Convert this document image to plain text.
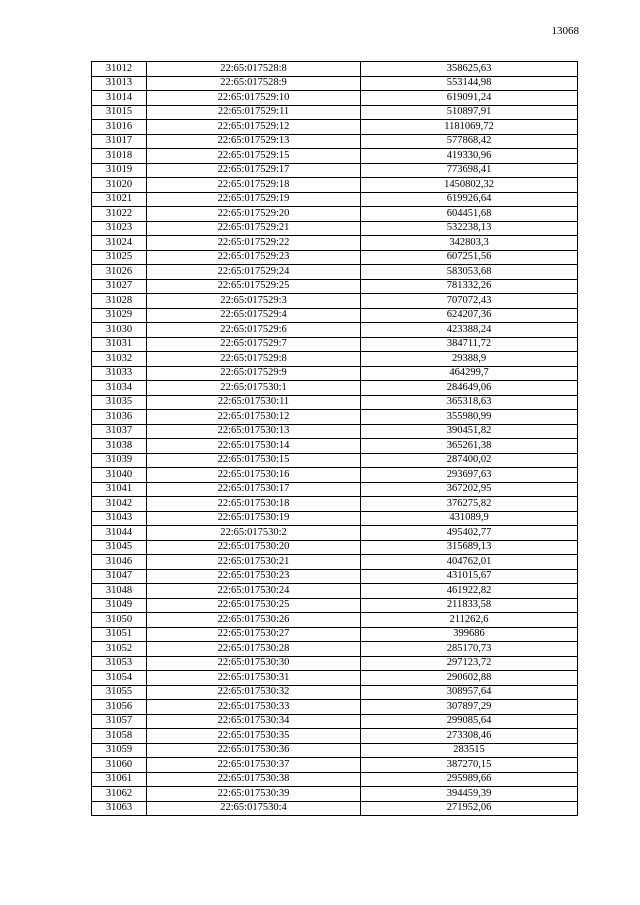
13068
31012	22:65:017528:8	358625,63
31013	22:65:017528:9	553144,98
31014	22:65:017529:10	619091,24
31015	22:65:017529:11	510897,91
31016	22:65:017529:12	1181069,72
31017	22:65:017529:13	577868,42
31018	22:65:017529:15	419330,96
31019	22:65:017529:17	773698,41
31020	22:65:017529:18	1450802,32
31021	22:65:017529:19	619926,64
31022	22:65:017529:20	604451,68
31023	22:65:017529:21	532238,13
31024	22:65:017529:22	342803,3
31025	22:65:017529:23	607251,56
31026	22:65:017529:24	583053,68
31027	22:65:017529:25	781332,26
31028	22:65:017529:3	707072,43
31029	22:65:017529:4	624207,36
31030	22:65:017529:6	423388,24
31031	22:65:017529:7	384711,72
31032	22:65:017529:8	29388,9
31033	22:65:017529:9	464299,7
31034	22:65:017530:1	284649,06
31035	22:65:017530:11	365318,63
31036	22:65:017530:12	355980,99
31037	22:65:017530:13	390451,82
31038	22:65:017530:14	365261,38
31039	22:65:017530:15	287400,02
31040	22:65:017530:16	293697,63
31041	22:65:017530:17	367202,95
31042	22:65:017530:18	376275,82
31043	22:65:017530:19	431089,9
31044	22:65:017530:2	495402,77
31045	22:65:017530:20	315689,13
31046	22:65:017530:21	404762,01
31047	22:65:017530:23	431015,67
31048	22:65:017530:24	461922,82
31049	22:65:017530:25	211833,58
31050	22:65:017530:26	211262,6
31051	22:65:017530:27	399686
31052	22:65:017530:28	285170,73
31053	22:65:017530:30	297123,72
31054	22:65:017530:31	290602,88
31055	22:65:017530:32	308957,64
31056	22:65:017530:33	307897,29
31057	22:65:017530:34	299085,64
31058	22:65:017530:35	273308,46
31059	22:65:017530:36	283515
31060	22:65:017530:37	387270,15
31061	22:65:017530:38	295989,66
31062	22:65:017530:39	394459,39
31063	22:65:017530:4	271952,06
